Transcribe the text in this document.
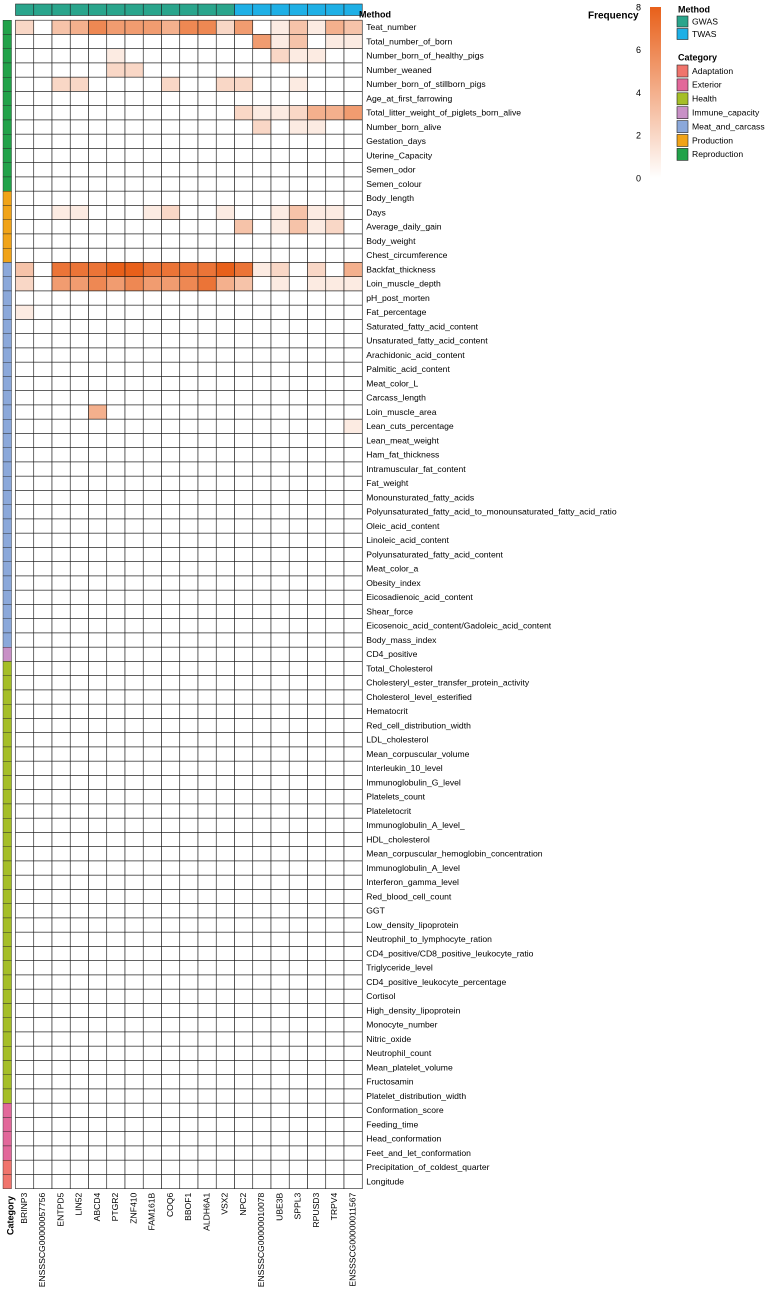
Method
Category
Teat_number
Total_number_of_born
Number_born_of_healthy_pigs
Number_weaned
Number_born_of_stillborn_pigs
Age_at_first_farrowing
Total_litter_weight_of_piglets_born_alive
Number_born_alive
Gestation_days
Uterine_Capacity
Semen_odor
Semen_colour
Body_length
Days
Average_daily_gain
Body_weight
Chest_circumference
Backfat_thickness
Loin_muscle_depth
pH_post_morten
Fat_percentage
Saturated_fatty_acid_content
Unsaturated_fatty_acid_content
Arachidonic_acid_content
Palmitic_acid_content
Meat_color_L
Carcass_length
Loin_muscle_area
Lean_cuts_percentage
Lean_meat_weight
Ham_fat_thickness
Intramuscular_fat_content
Fat_weight
Monounsturated_fatty_acids
Polyunsaturated_fatty_acid_to_monounsaturated_fatty_acid_ratio
Oleic_acid_content
Linoleic_acid_content
Polyunsaturated_fatty_acid_content
Meat_color_a
Obesity_index
Eicosadienoic_acid_content
Shear_force
Eicosenoic_acid_content/Gadoleic_acid_content
Body_mass_index
CD4_positive
Total_Cholesterol
Cholesteryl_ester_transfer_protein_activity
Cholesterol_level_esterified
Hematocrit
Red_cell_distribution_width
LDL_cholesterol
Mean_corpuscular_volume
Interleukin_10_level
Immunoglobulin_G_level
Platelets_count
Plateletocrit
Immunoglobulin_A_level_
HDL_cholesterol
Mean_corpuscular_hemoglobin_concentration
Immunoglobulin_A_level
Interferon_gamma_level
Red_blood_cell_count
GGT
Low_density_lipoprotein
Neutrophil_to_lymphocyte_ration
CD4_positive/CD8_positive_leukocyte_ratio
Triglyceride_level
CD4_positive_leukocyte_percentage
Cortisol
High_density_lipoprotein
Monocyte_number
Nitric_oxide
Neutrophil_count
Mean_platelet_volume
Fructosamin
Platelet_distribution_width
Conformation_score
Feeding_time
Head_conformation
Feet_and_let_conformation
Precipitation_of_coldest_quarter
Longitude
BRINP3 ENSSSCG00000057756 ENTPD5 LIN52 ABCD4 PTGR2 ZNF410 FAM161B COQ6 BBOF1 ALDH6A1 VSX2 NPC2 ENSSSCG00000010078 UBE3B SPPL3 RPUSD3 TRPV4 ENSSSCG00000011567
Frequency
8
6
4
2
0
Method
GWAS
TWAS
Category
Adaptation
Exterior
Health
Immune_capacity
Meat_and_carcass
Production
Reproduction
